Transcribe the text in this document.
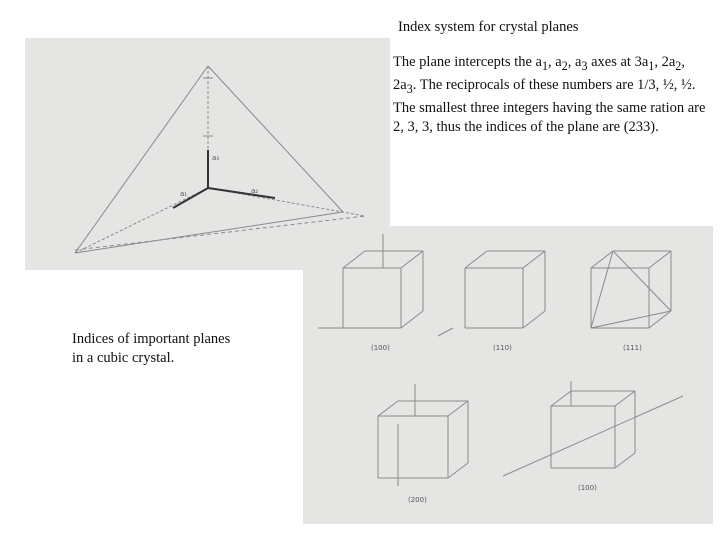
Index system for crystal planes
The plane intercepts the $a_1$, $a_2$, $a_3$ axes at $3a_1$, $2a_2$, $2a_3$. The reciprocals of these numbers are 1/3, ½, ½. The smallest three integers having the same ration are 2, 3, 3, thus the indices of the plane are (233).
a₃
a₂
a₁
(100)	(110)	(111)
(200)
(100)
Indices of important planes
in a cubic crystal.
